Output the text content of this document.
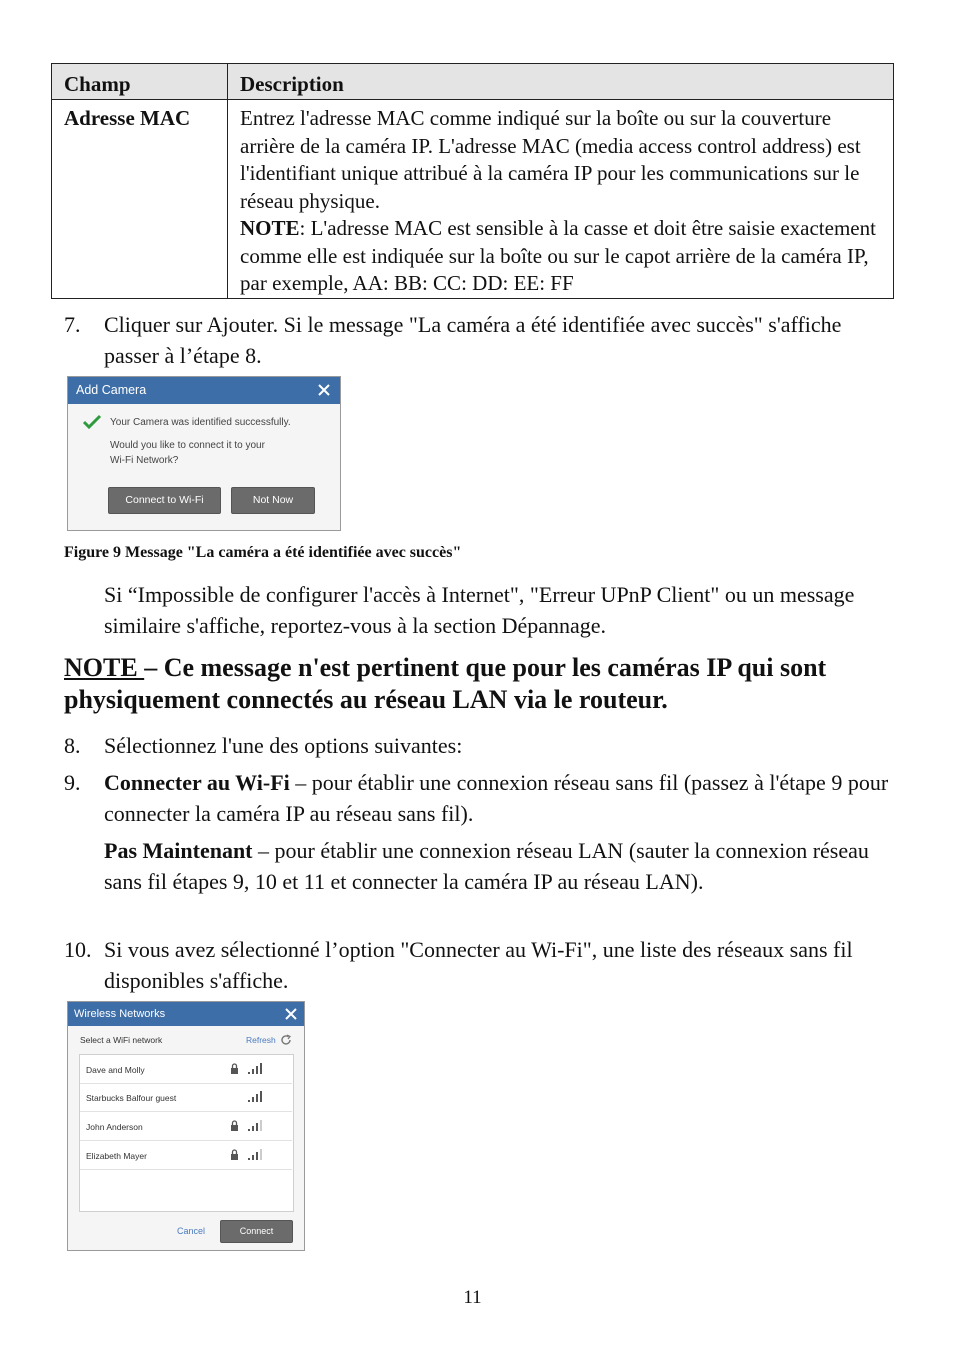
Champ	Description
Adresse MAC	Entrez l'adresse MAC comme indiqué sur la boîte ou sur la couverture arrière de la caméra IP. L'adresse MAC (media access control address) est l'identifiant unique attribué à la caméra IP pour les communications sur le réseau physique.
NOTE: L'adresse MAC est sensible à la casse et doit être saisie exactement comme elle est indiquée sur la boîte ou sur le capot arrière de la caméra IP, par exemple, AA: BB: CC: DD: EE: FF
7. Cliquer sur Ajouter. Si le message "La caméra a été identifiée avec succès" s'affiche passer à l’étape 8.
Add Camera
Your Camera was identified successfully.
Would you like to connect it to your
Wi-Fi Network?
Connect to Wi-Fi	Not Now
Figure 9 Message "La caméra a été identifiée avec succès"
Si “Impossible de configurer l'accès à Internet", "Erreur UPnP Client" ou un message similaire s'affiche, reportez-vous à la section Dépannage.
NOTE – Ce message n'est pertinent que pour les caméras IP qui sont physiquement connectés au réseau LAN via le routeur.
8. Sélectionnez l'une des options suivantes:
9. Connecter au Wi-Fi – pour établir une connexion réseau sans fil (passez à l'étape 9 pour connecter la caméra IP au réseau sans fil).
Pas Maintenant – pour établir une connexion réseau LAN (sauter la connexion réseau sans fil étapes 9, 10 et 11 et connecter la caméra IP au réseau LAN).
10. Si vous avez sélectionné l’option "Connecter au Wi-Fi", une liste des réseaux sans fil disponibles s'affiche.
Wireless Networks
Select a WiFi network	Refresh
Dave and Molly
Starbucks Balfour guest
John Anderson
Elizabeth Mayer
Cancel	Connect
11
